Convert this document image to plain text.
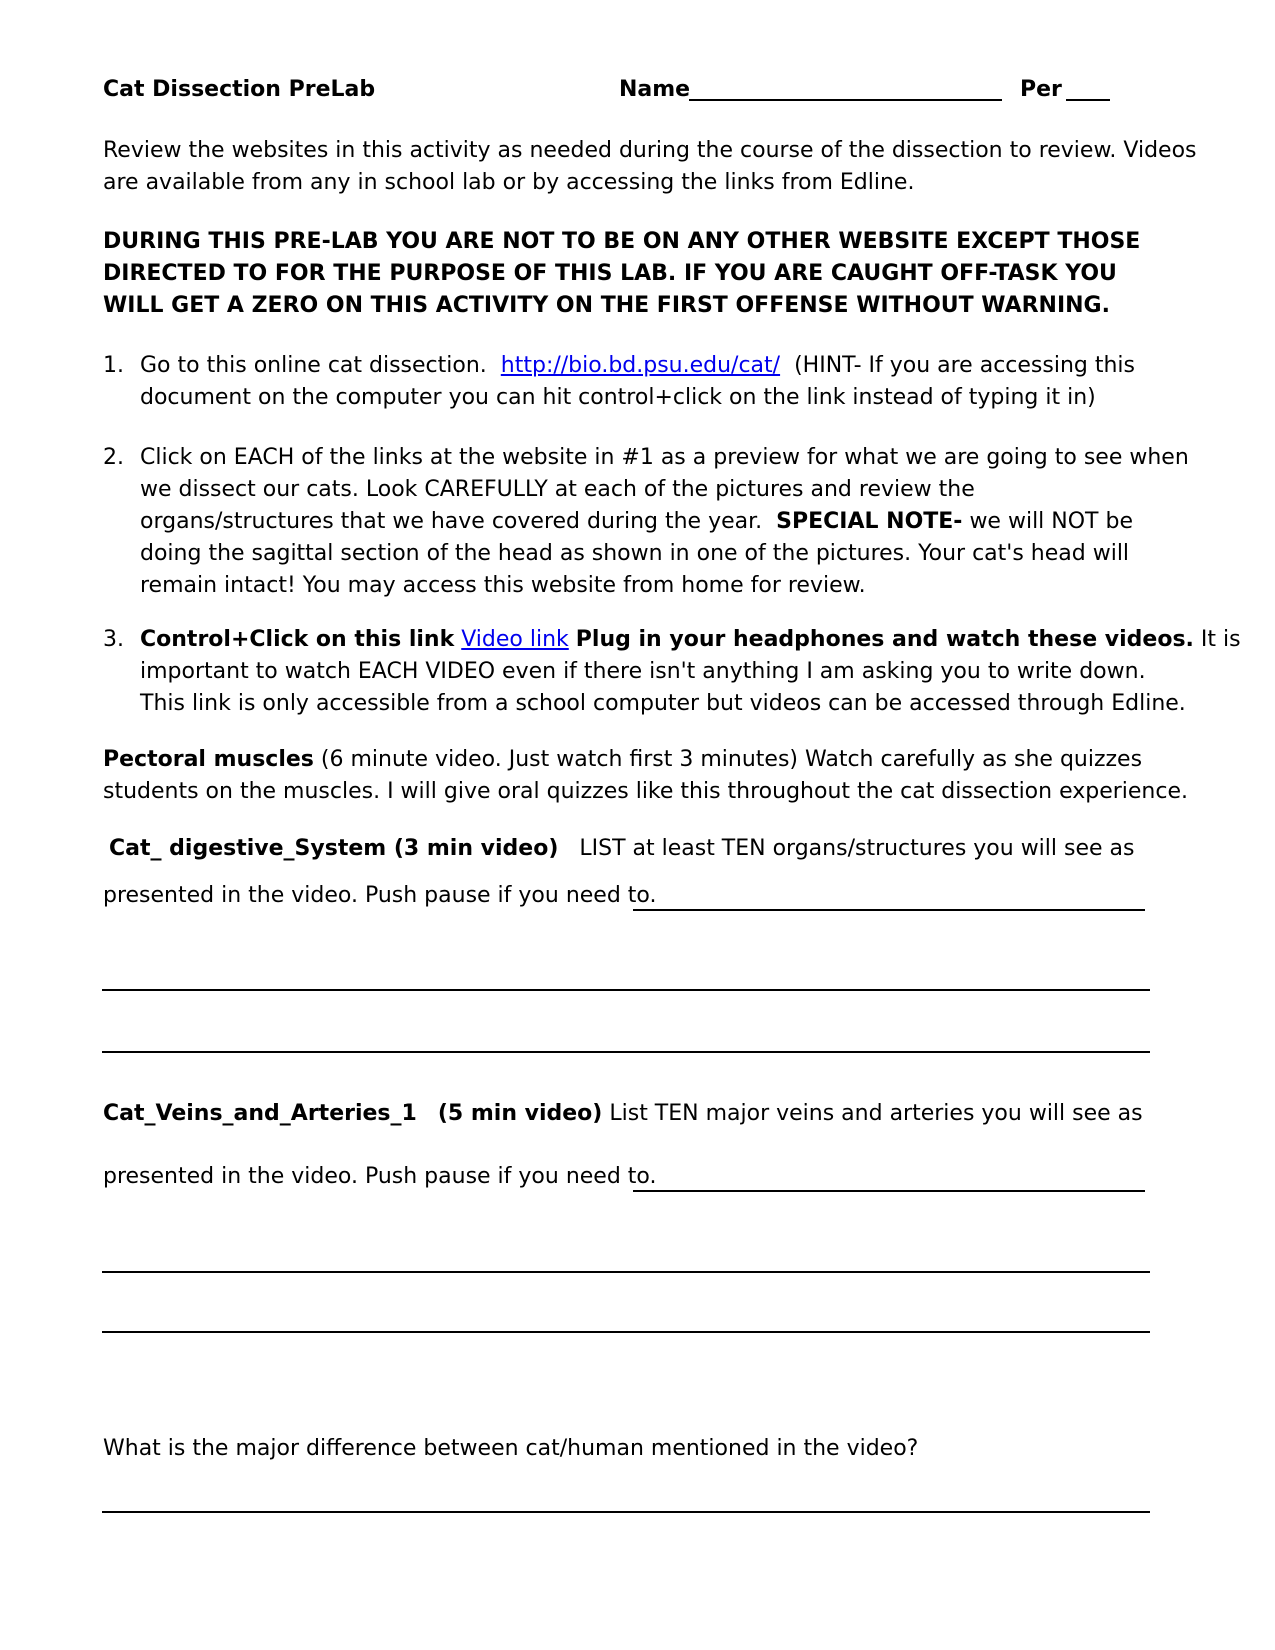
Cat Dissection PreLab	Name	Per
Review the websites in this activity as needed during the course of the dissection to review. Videos
are available from any in school lab or by accessing the links from Edline.
DURING THIS PRE-LAB YOU ARE NOT TO BE ON ANY OTHER WEBSITE EXCEPT THOSE
DIRECTED TO FOR THE PURPOSE OF THIS LAB. IF YOU ARE CAUGHT OFF-TASK YOU
WILL GET A ZERO ON THIS ACTIVITY ON THE FIRST OFFENSE WITHOUT WARNING.
1. Go to this online cat dissection. http://bio.bd.psu.edu/cat/ (HINT- If you are accessing this
document on the computer you can hit control+click on the link instead of typing it in)
2. Click on EACH of the links at the website in #1 as a preview for what we are going to see when
we dissect our cats. Look CAREFULLY at each of the pictures and review the
organs/structures that we have covered during the year. SPECIAL NOTE- we will NOT be
doing the sagittal section of the head as shown in one of the pictures. Your cat's head will
remain intact! You may access this website from home for review.
3. Control+Click on this link Video link Plug in your headphones and watch these videos. It is
important to watch EACH VIDEO even if there isn't anything I am asking you to write down.
This link is only accessible from a school computer but videos can be accessed through Edline.
Pectoral muscles (6 minute video. Just watch first 3 minutes) Watch carefully as she quizzes
students on the muscles. I will give oral quizzes like this throughout the cat dissection experience.
Cat_ digestive_System (3 min video) LIST at least TEN organs/structures you will see as
presented in the video. Push pause if you need to.
Cat_Veins_and_Arteries_1 (5 min video) List TEN major veins and arteries you will see as
presented in the video. Push pause if you need to.
What is the major difference between cat/human mentioned in the video?
